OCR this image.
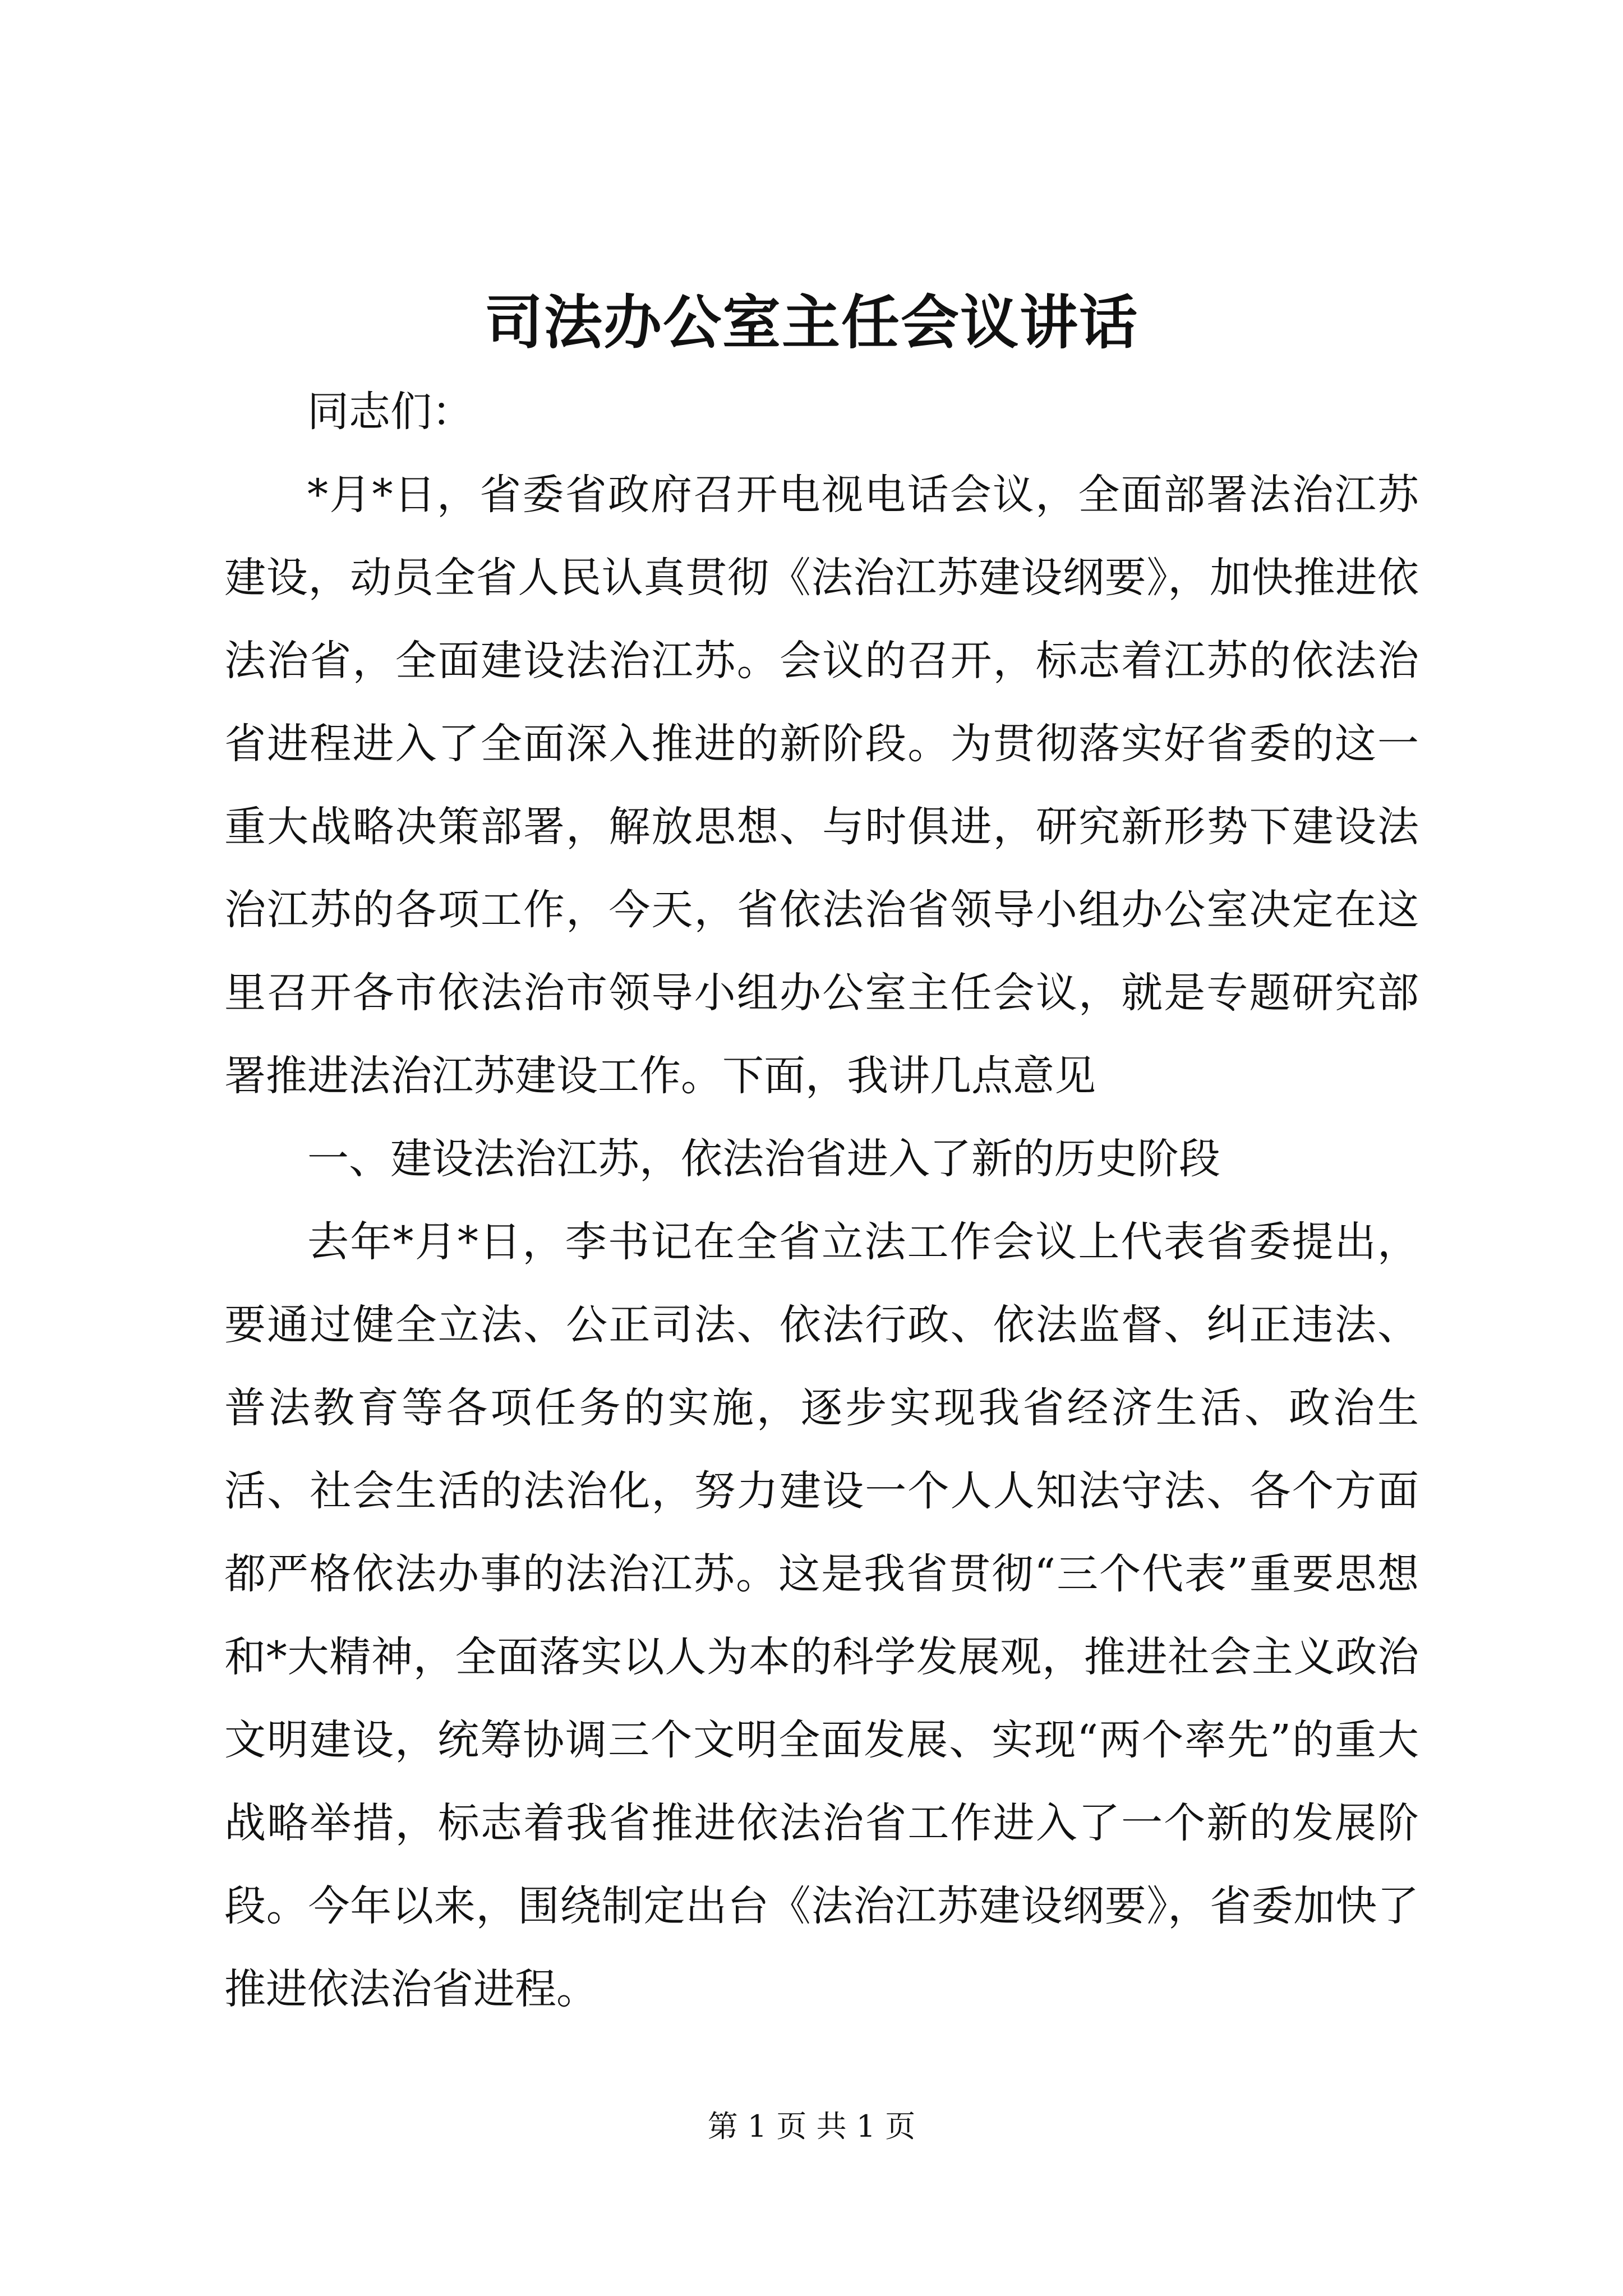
司法办公室主任会议讲话

同志们：

*月*日，省委省政府召开电视电话会议，全面部署法治江苏建设，动员全省人民认真贯彻《法治江苏建设纲要》，加快推进依法治省，全面建设法治江苏。会议的召开，标志着江苏的依法治省进程进入了全面深入推进的新阶段。为贯彻落实好省委的这一重大战略决策部署，解放思想、与时俱进，研究新形势下建设法治江苏的各项工作，今天，省依法治省领导小组办公室决定在这里召开各市依法治市领导小组办公室主任会议，就是专题研究部署推进法治江苏建设工作。下面，我讲几点意见

一、建设法治江苏，依法治省进入了新的历史阶段

去年*月*日，李书记在全省立法工作会议上代表省委提出，要通过健全立法、公正司法、依法行政、依法监督、纠正违法、普法教育等各项任务的实施，逐步实现我省经济生活、政治生活、社会生活的法治化，努力建设一个人人知法守法、各个方面都严格依法办事的法治江苏。这是我省贯彻“三个代表”重要思想和*大精神，全面落实以人为本的科学发展观，推进社会主义政治文明建设，统筹协调三个文明全面发展、实现“两个率先”的重大战略举措，标志着我省推进依法治省工作进入了一个新的发展阶段。今年以来，围绕制定出台《法治江苏建设纲要》，省委加快了推进依法治省进程。

第 1 页 共 1 页
